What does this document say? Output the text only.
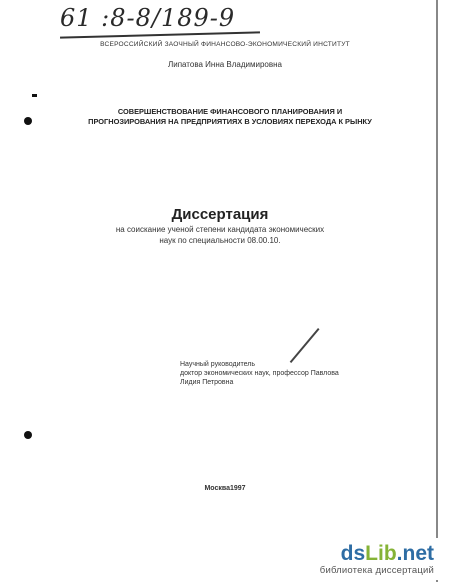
61 :8-8/189-9
ВСЕРОССИЙСКИЙ ЗАОЧНЫЙ ФИНАНСОВО-ЭКОНОМИЧЕСКИЙ ИНСТИТУТ
Липатова Инна Владимировна
СОВЕРШЕНСТВОВАНИЕ ФИНАНСОВОГО ПЛАНИРОВАНИЯ И
ПРОГНОЗИРОВАНИЯ НА ПРЕДПРИЯТИЯХ В УСЛОВИЯХ ПЕРЕХОДА К РЫНКУ
Диссертация
на соискание ученой степени кандидата экономических
наук по специальности 08.00.10.
Научный руководитель
доктор экономических наук, профессор Павлова
Лидия Петровна
Москва1997
dsLib.net
библиотека диссертаций
